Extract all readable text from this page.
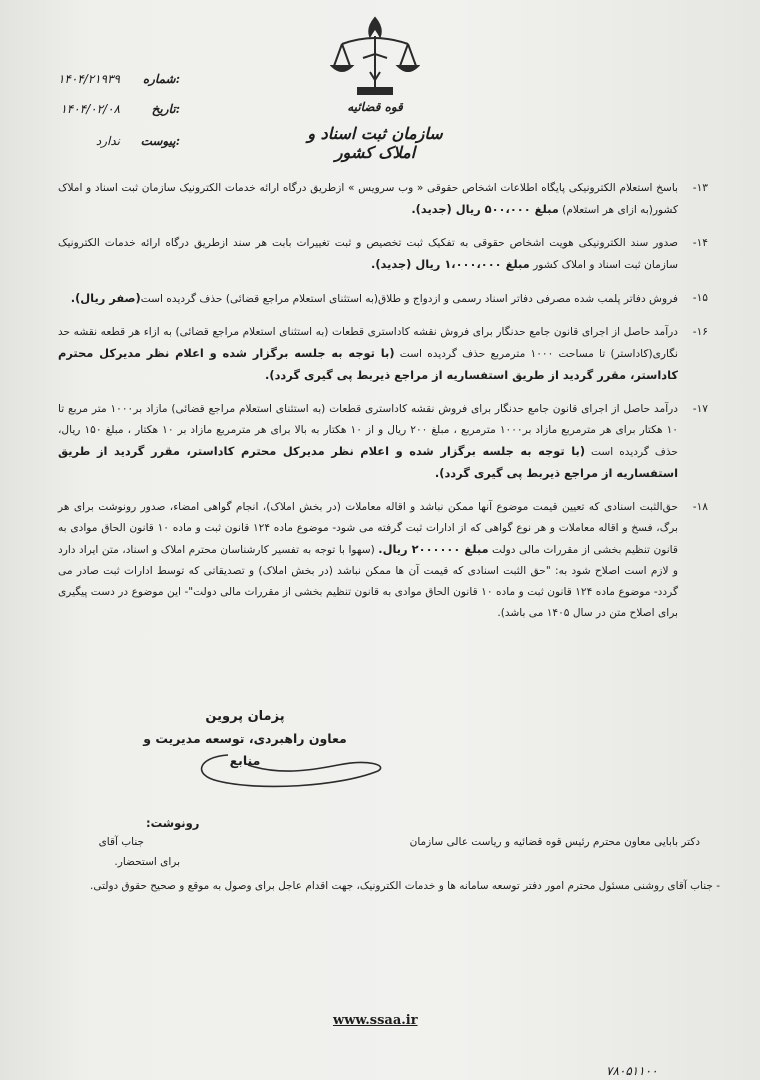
قوه قضائیه
سازمان ثبت اسناد و املاک کشور
شماره:
۱۴۰۴/۲۱۹۳۹
تاریخ:
۱۴۰۴/۰۲/۰۸
پیوست:
ندارد
۱۳-
باسخ استعلام الکترونیکی پایگاه اطلاعات اشخاص حقوقی « وب سرویس » ازطریق درگاه ارائه خدمات الکترونیک سازمان ثبت اسناد و املاک کشور(به ازای هر استعلام) مبلغ ۵۰۰،۰۰۰ ریال (جدید).
۱۴-
صدور سند الکترونیکی هویت اشخاص حقوقی به تفکیک ثبت تخصیص و ثبت تغییرات بابت هر سند ازطریق درگاه ارائه خدمات الکترونیک سازمان ثبت اسناد و املاک کشور مبلغ ۱،۰۰۰،۰۰۰ ریال (جدید).
۱۵-
فروش دفاتر پلمب شده مصرفی دفاتر اسناد رسمی و ازدواج و طلاق(به استثنای استعلام مراجع قضائی) حذف گردیده است(صفر ریال).
۱۶-
درآمد حاصل از اجرای قانون جامع حدنگار برای فروش نقشه کاداستری قطعات (به استثنای استعلام مراجع قضائی) به ازاء هر قطعه نقشه حد نگاری(کاداستر) تا مساحت ۱۰۰۰ مترمربع حذف گردیده است (با توجه به جلسه برگزار شده و اعلام نظر مدیرکل محترم کاداستر، مقرر گردید از طریق استفساریه از مراجع ذیربط پی گیری گردد).
۱۷-
درآمد حاصل از اجرای قانون جامع حدنگار برای فروش نقشه کاداستری قطعات (به استثنای استعلام مراجع قضائی) مازاد بر۱۰۰۰ متر مربع تا ۱۰ هکتار برای هر مترمربع مازاد بر۱۰۰۰ مترمربع ، مبلغ ۲۰۰ ریال و از ۱۰ هکتار به بالا برای هر مترمربع مازاد بر ۱۰ هکتار ، مبلغ ۱۵۰ ریال، حذف گردیده است (با توجه به جلسه برگزار شده و اعلام نظر مدیرکل محترم کاداستر، مقرر گردید از طریق استفساریه از مراجع ذیربط پی گیری گردد).
۱۸-
حق‌الثبت اسنادی که تعیین قیمت موضوع آنها ممکن نباشد و اقاله معاملات (در بخش املاک)، انجام گواهی امضاء، صدور رونوشت برای هر برگ، فسخ و اقاله معاملات و هر نوع گواهی که از ادارات ثبت گرفته می شود- موضوع ماده ۱۲۴ قانون ثبت و ماده ۱۰ قانون الحاق موادی به قانون تنظیم بخشی از مقررات مالی دولت مبلغ ۲۰۰۰۰۰۰ ریال. (سهوا با توجه به تفسیر کارشناسان محترم املاک و اسناد، متن ایراد دارد و لازم است اصلاح شود به: "حق الثبت اسنادی که قیمت آن ها ممکن نباشد (در بخش املاک) و تصدیقاتی که توسط ادارات ثبت صادر می گردد- موضوع ماده ۱۲۴ قانون ثبت و ماده ۱۰ قانون الحاق موادی به قانون تنظیم بخشی از مقررات مالی دولت"- این موضوع در دست پیگیری برای اصلاح متن در سال ۱۴۰۵ می باشد).
پزمان پروین
معاون راهبردی، توسعه مدیریت و منابع
رونوشت:
دکتر بابایی معاون محترم رئیس قوه قضائیه و ریاست عالی سازمان
جناب آقای
برای استحضار.
- جناب آقای روشنی مسئول محترم امور دفتر توسعه سامانه ها و خدمات الکترونیک، جهت اقدام عاجل برای وصول به موقع و صحیح حقوق دولتی.
www.ssaa.ir
۷۸۰۵۱۱۰۰
